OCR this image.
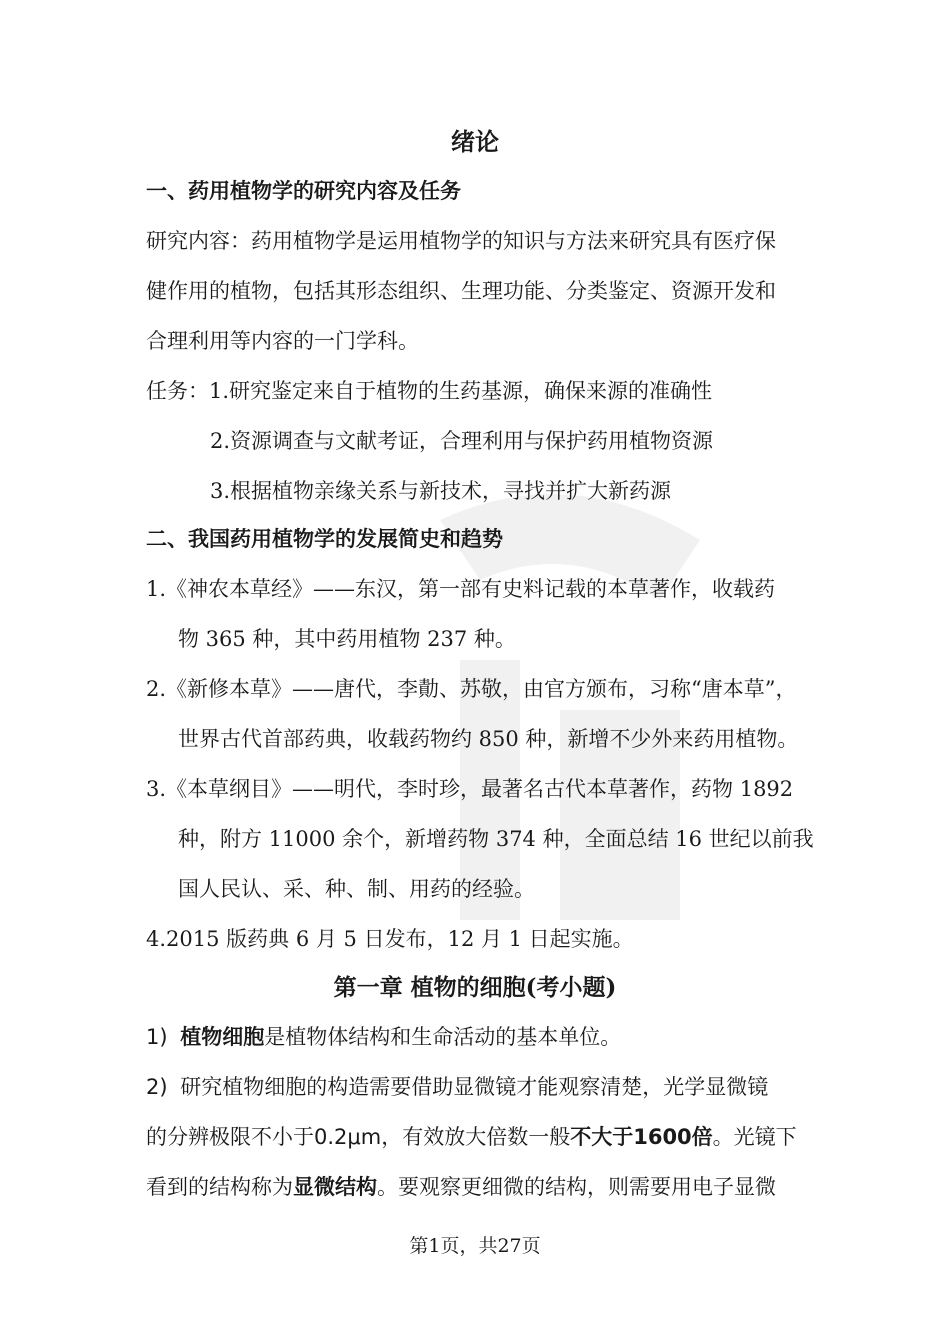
绪论
一、药用植物学的研究内容及任务
研究内容：药用植物学是运用植物学的知识与方法来研究具有医疗保
健作用的植物，包括其形态组织、生理功能、分类鉴定、资源开发和
合理利用等内容的一门学科。
任务：1.研究鉴定来自于植物的生药基源，确保来源的准确性
2.资源调查与文献考证，合理利用与保护药用植物资源
3.根据植物亲缘关系与新技术，寻找并扩大新药源
二、我国药用植物学的发展简史和趋势
1.《神农本草经》——东汉，第一部有史料记载的本草著作，收载药
物 365 种，其中药用植物 237 种。
2.《新修本草》——唐代，李勣、苏敬，由官方颁布，习称“唐本草”，
世界古代首部药典，收载药物约 850 种，新增不少外来药用植物。
3.《本草纲目》——明代，李时珍，最著名古代本草著作，药物 1892
种，附方 11000 余个，新增药物 374 种，全面总结 16 世纪以前我
国人民认、采、种、制、用药的经验。
4.2015 版药典 6 月 5 日发布，12 月 1 日起实施。
第一章 植物的细胞(考小题)
1) 植物细胞是植物体结构和生命活动的基本单位。
2) 研究植物细胞的构造需要借助显微镜才能观察清楚，光学显微镜
的分辨极限不小于0.2μm，有效放大倍数一般不大于1600倍。光镜下
看到的结构称为显微结构。要观察更细微的结构，则需要用电子显微
第1页，共27页
